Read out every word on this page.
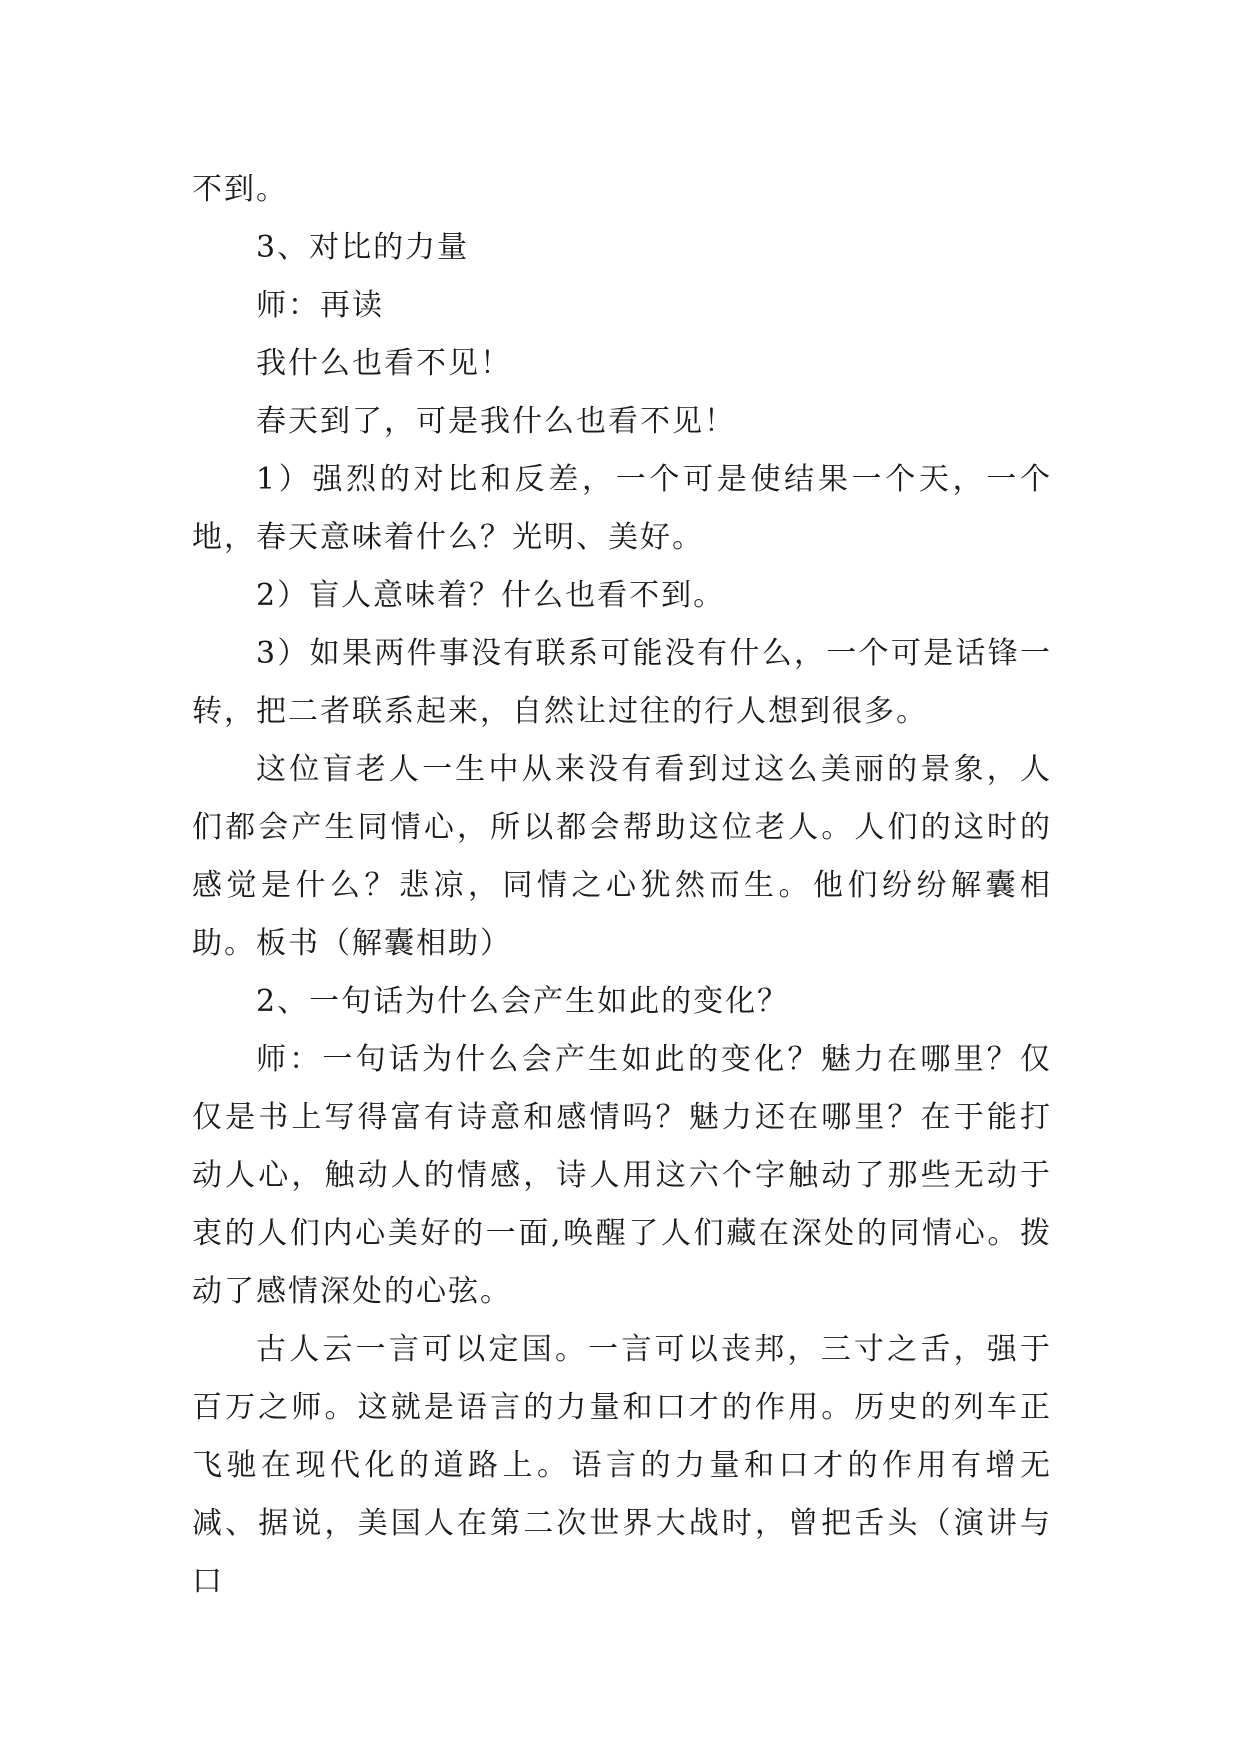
不到。

3、对比的力量

师：再读

我什么也看不见！

春天到了，可是我什么也看不见！

1）强烈的对比和反差，一个可是使结果一个天，一个地，春天意味着什么？光明、美好。

2）盲人意味着？什么也看不到。

3）如果两件事没有联系可能没有什么，一个可是话锋一转，把二者联系起来，自然让过往的行人想到很多。

这位盲老人一生中从来没有看到过这么美丽的景象，人们都会产生同情心，所以都会帮助这位老人。人们的这时的感觉是什么？悲凉，同情之心犹然而生。他们纷纷解囊相助。板书（解囊相助）

2、一句话为什么会产生如此的变化？

师：一句话为什么会产生如此的变化？魅力在哪里？仅仅是书上写得富有诗意和感情吗？魅力还在哪里？在于能打动人心，触动人的情感，诗人用这六个字触动了那些无动于衷的人们内心美好的一面,唤醒了人们藏在深处的同情心。拨动了感情深处的心弦。

古人云一言可以定国。一言可以丧邦，三寸之舌，强于百万之师。这就是语言的力量和口才的作用。历史的列车正飞驰在现代化的道路上。语言的力量和口才的作用有增无减、据说，美国人在第二次世界大战时，曾把舌头（演讲与口
